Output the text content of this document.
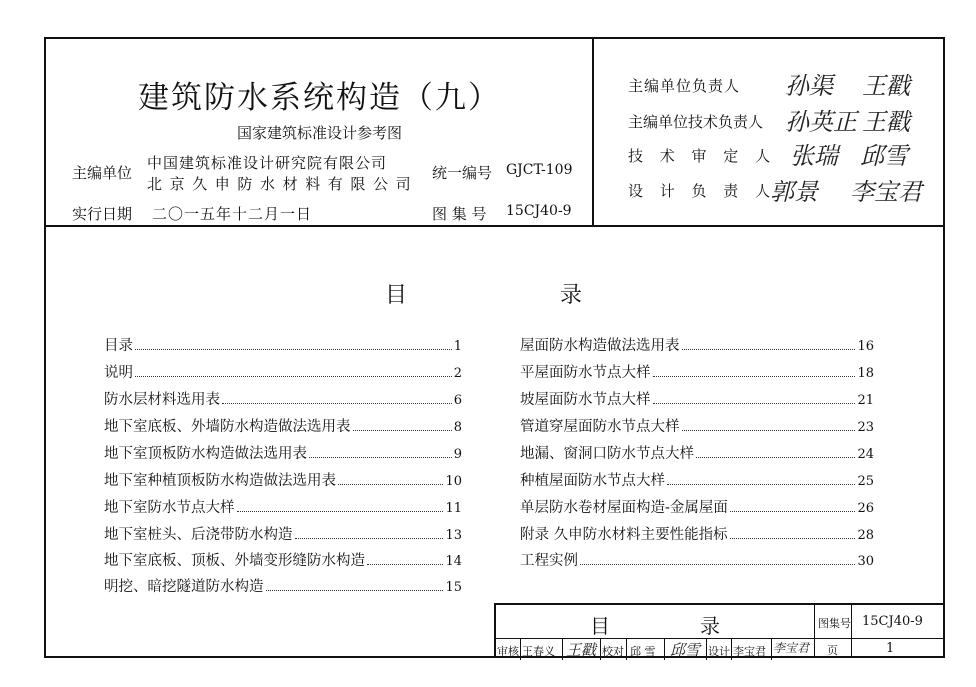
建筑防水系统构造（九）
国家建筑标准设计参考图
主编单位
中国建筑标准设计研究院有限公司
北京久申防水材料有限公司
统一编号 GJCT-109
实行日期 二〇一五年十二月一日	图 集 号 15CJ40-9
主编单位负责人 孙渠 王戳
主编单位技术负责人 孙英正 王戳
技 术 审 定 人 张瑞 邱雪
设 计 负 责 人
郭景 李宝君
目	录
目录	1
说明	2
防水层材料选用表	6
地下室底板、外墙防水构造做法选用表	8
地下室顶板防水构造做法选用表	9
地下室种植顶板防水构造做法选用表	10
地下室防水节点大样	11
地下室桩头、后浇带防水构造	13
地下室底板、顶板、外墙变形缝防水构造	14
明挖、暗挖隧道防水构造	15
屋面防水构造做法选用表	16
平屋面防水节点大样	18
坡屋面防水节点大样	21
管道穿屋面防水节点大样	23
地漏、窗洞口防水节点大样	24
种植屋面防水节点大样	25
单层防水卷材屋面构造-金属屋面	26
附录 久申防水材料主要性能指标	28
工程实例	30
目	录	图集号 15CJ40-9
页	1
审核 王春义 王戳 校对 邱 雪 邱雪 设计 李宝君 李宝君
